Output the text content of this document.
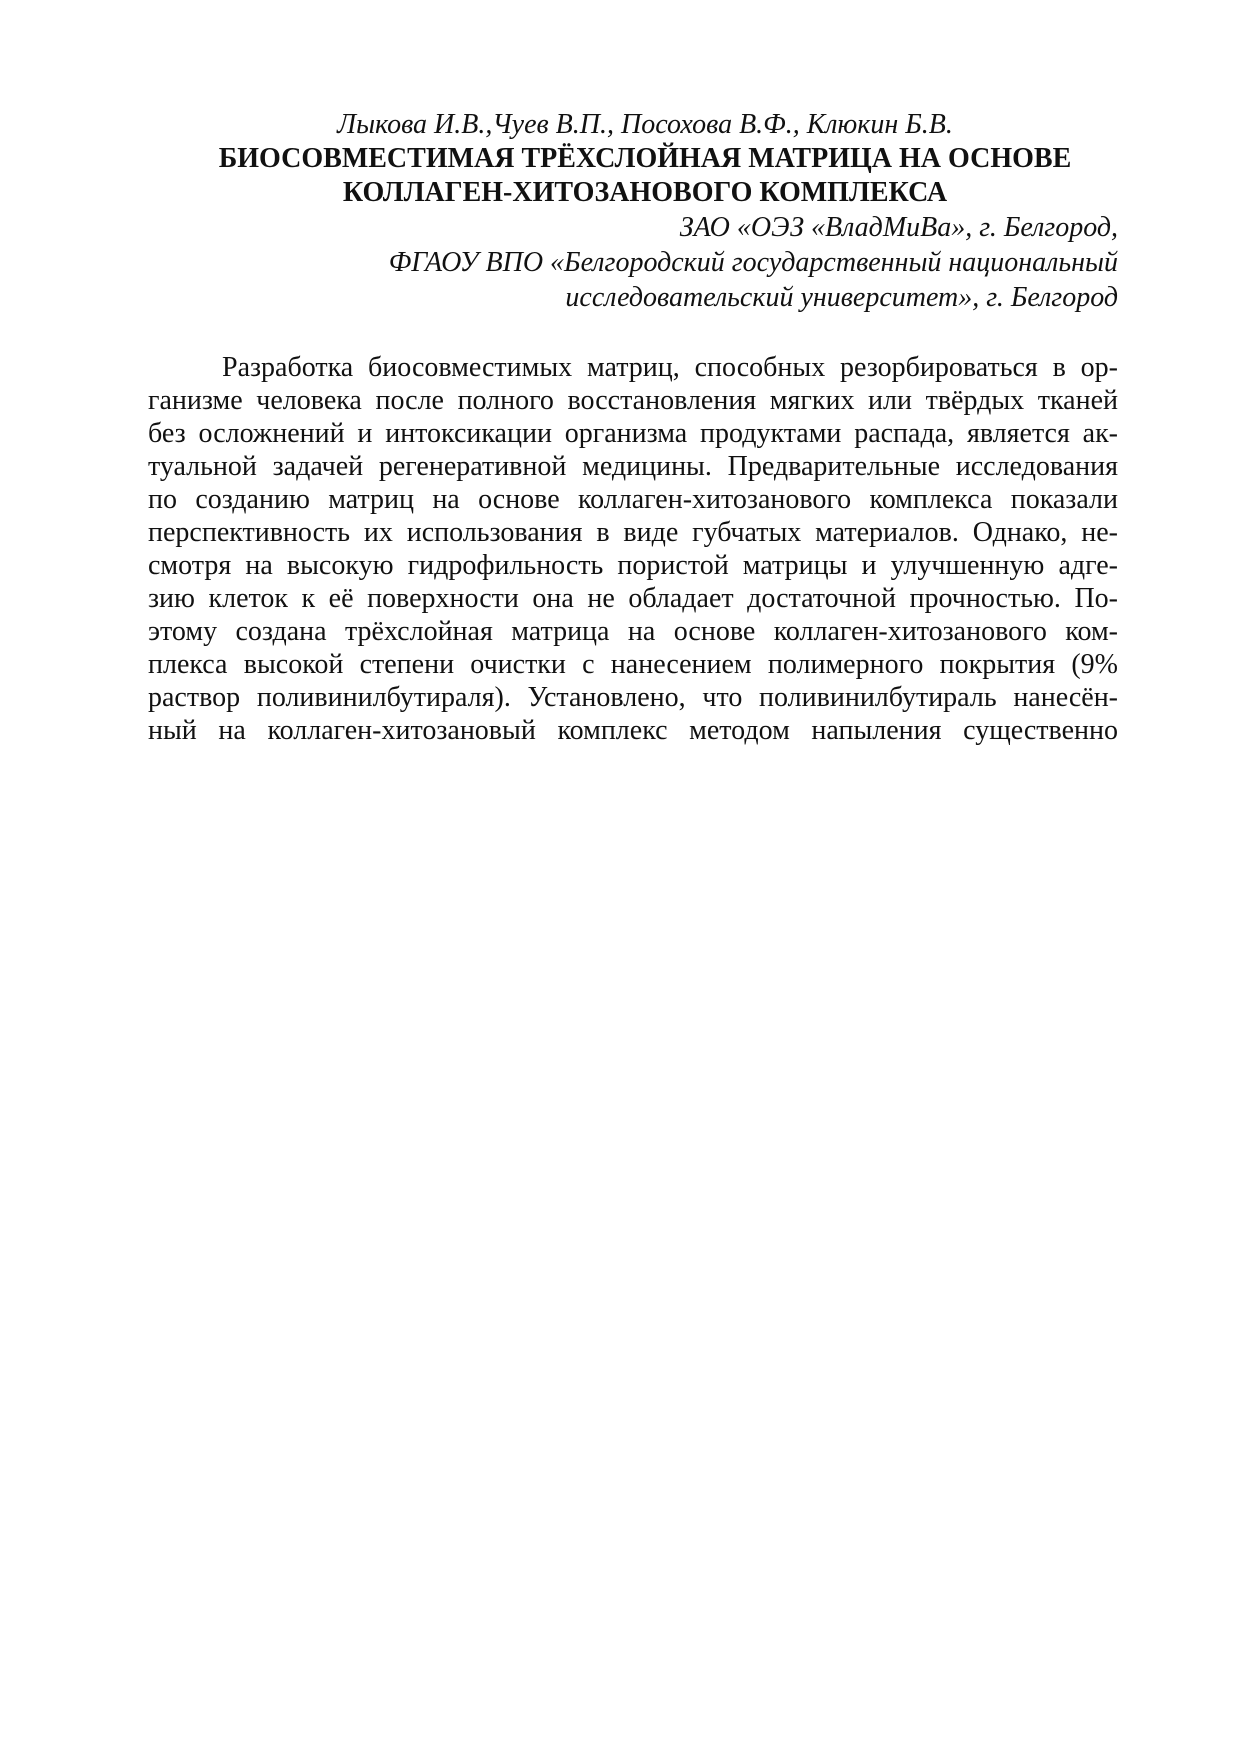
Лыкова И.В.,Чуев В.П., Посохова В.Ф., Клюкин Б.В.

БИОСОВМЕСТИМАЯ ТРЁХСЛОЙНАЯ МАТРИЦА НА ОСНОВЕ
КОЛЛАГЕН-ХИТОЗАНОВОГО КОМПЛЕКСА
ЗАО «ОЭЗ «ВладМиВа», г. Белгород,
ФГАОУ ВПО «Белгородский государственный национальный
исследовательский университет», г. Белгород
Разработка биосовместимых матриц, способных резорбироваться в ор-
ганизме человека после полного восстановления мягких или твёрдых тканей
без осложнений и интоксикации организма продуктами распада, является ак-
туальной задачей регенеративной медицины. Предварительные исследования
по созданию матриц на основе коллаген-хитозанового комплекса показали
перспективность их использования в виде губчатых материалов. Однако, не-
смотря на высокую гидрофильность пористой матрицы и улучшенную адге-
зию клеток к её поверхности она не обладает достаточной прочностью. По-
этому создана трёхслойная матрица на основе коллаген-хитозанового ком-
плекса высокой степени очистки с нанесением полимерного покрытия (9%
раствор поливинилбутираля). Установлено, что поливинилбутираль нанесён-
ный на коллаген-хитозановый комплекс методом напыления существенно
